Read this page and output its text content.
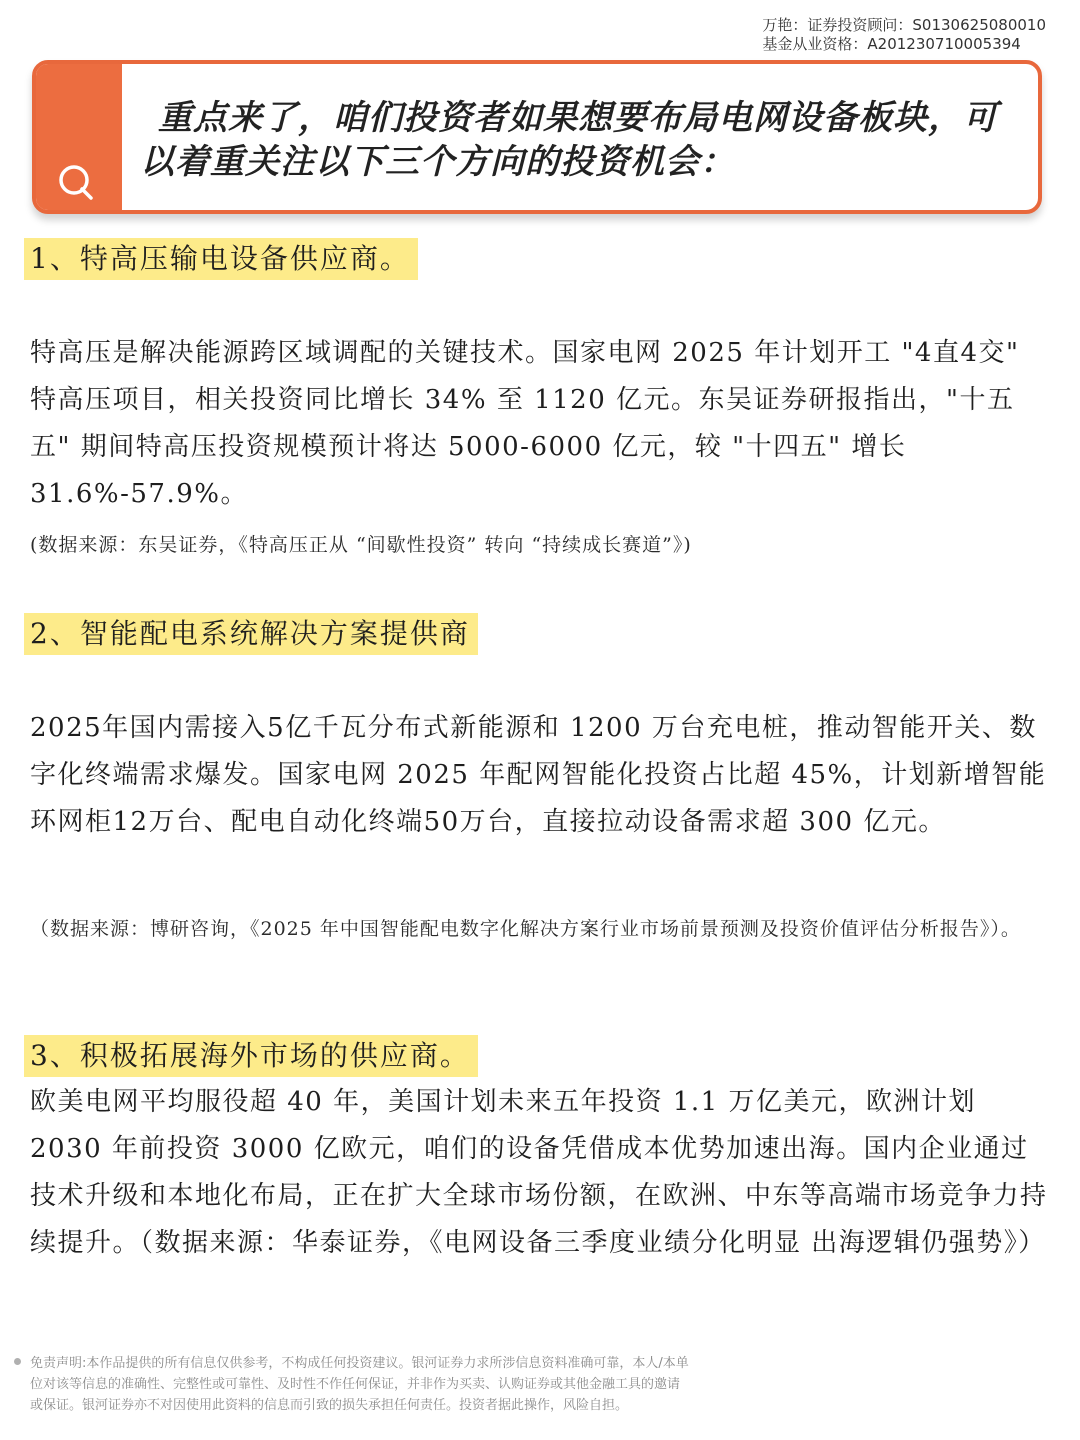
万艳：证券投资顾问：S0130625080010
基金从业资格：A201230710005394
重点来了，咱们投资者如果想要布局电网设备板块，可以着重关注以下三个方向的投资机会：
1、特高压输电设备供应商。
特高压是解决能源跨区域调配的关键技术。国家电网 2025 年计划开工 "4直4交" 特高压项目，相关投资同比增长 34% 至 1120 亿元。东吴证券研报指出，"十五五" 期间特高压投资规模预计将达 5000-6000 亿元，较 "十四五" 增长 31.6%-57.9%。
(数据来源：东吴证券，《特高压正从 “间歇性投资” 转向 “持续成长赛道”》)
2、智能配电系统解决方案提供商
2025年国内需接入5亿千瓦分布式新能源和 1200 万台充电桩，推动智能开关、数字化终端需求爆发。国家电网 2025 年配网智能化投资占比超 45%，计划新增智能环网柜12万台、配电自动化终端50万台，直接拉动设备需求超 300 亿元。
（数据来源：博研咨询，《2025 年中国智能配电数字化解决方案行业市场前景预测及投资价值评估分析报告》）。
3、积极拓展海外市场的供应商。
欧美电网平均服役超 40 年，美国计划未来五年投资 1.1 万亿美元，欧洲计划 2030 年前投资 3000 亿欧元，咱们的设备凭借成本优势加速出海。国内企业通过技术升级和本地化布局，正在扩大全球市场份额，在欧洲、中东等高端市场竞争力持续提升。（数据来源：华泰证券，《电网设备三季度业绩分化明显 出海逻辑仍强势》）
免责声明:本作品提供的所有信息仅供参考，不构成任何投资建议。银河证券力求所涉信息资料准确可靠，本人/本单位对该等信息的准确性、完整性或可靠性、及时性不作任何保证，并非作为买卖、认购证券或其他金融工具的邀请或保证。银河证券亦不对因使用此资料的信息而引致的损失承担任何责任。投资者据此操作，风险自担。
